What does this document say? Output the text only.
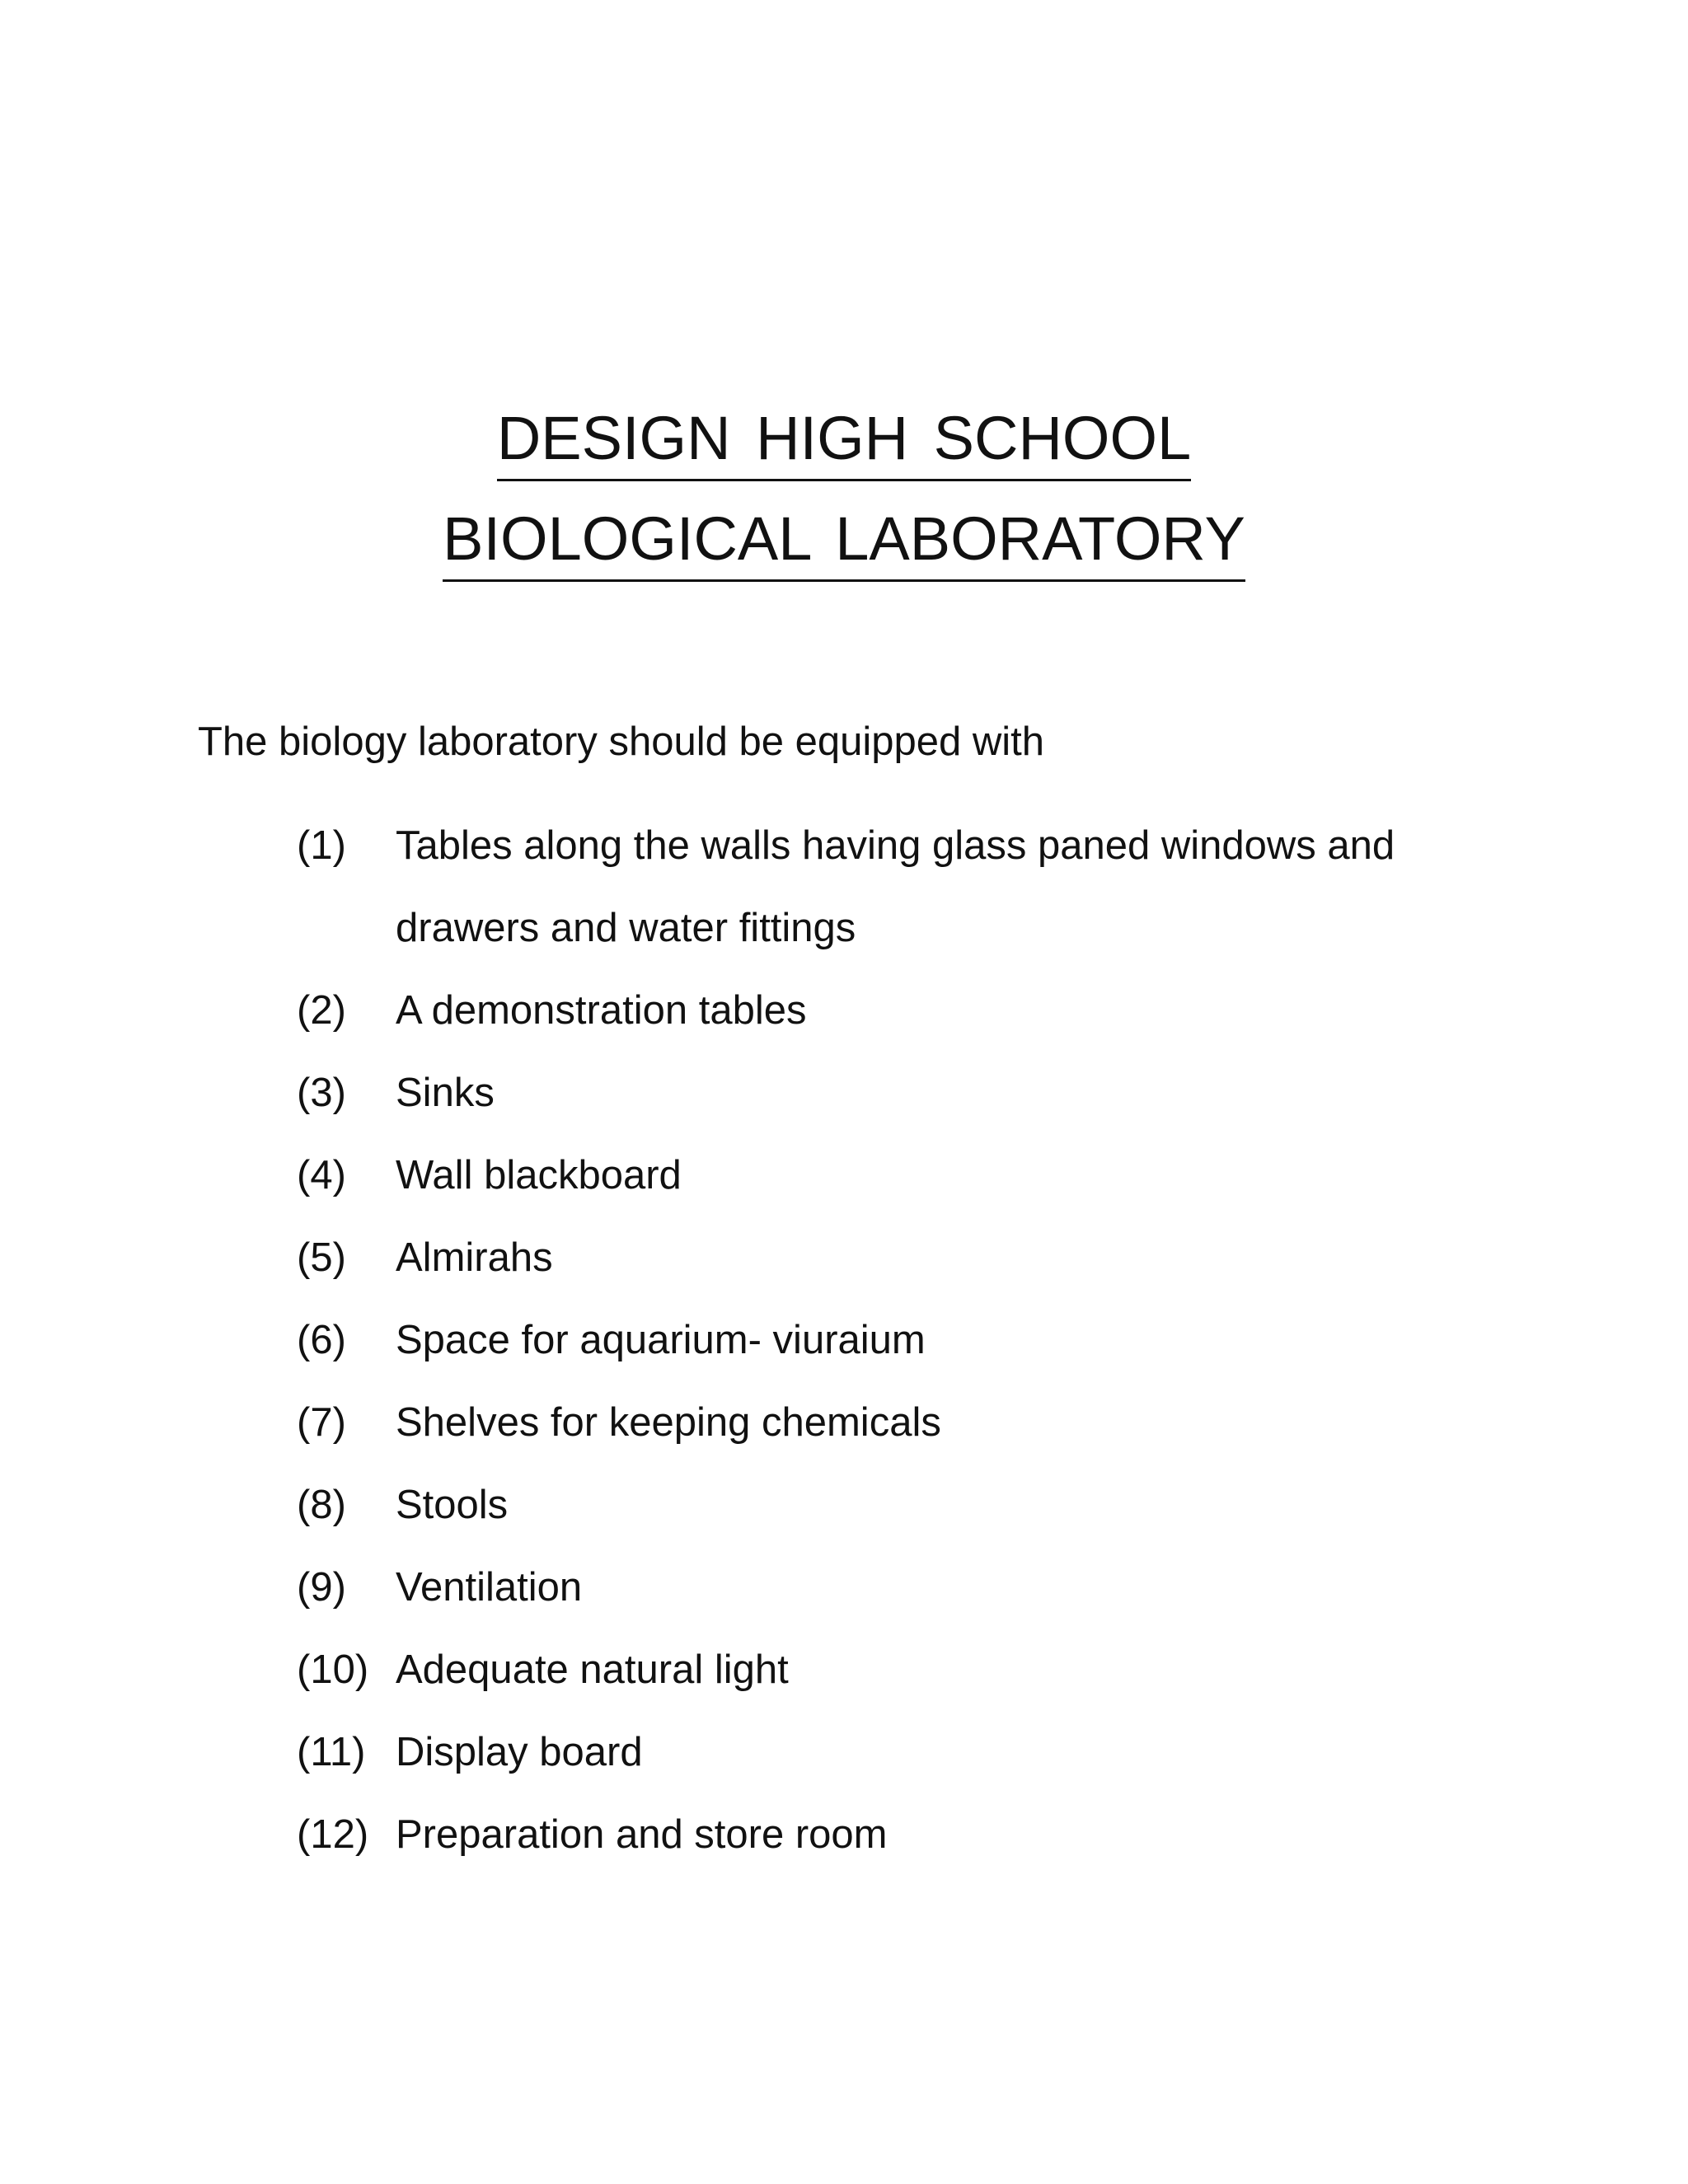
DESIGN HIGH SCHOOL
BIOLOGICAL LABORATORY
The biology laboratory should be equipped with
(1) Tables along the walls having glass paned windows and drawers and water fittings
(2) A demonstration tables
(3) Sinks
(4) Wall blackboard
(5) Almirahs
(6) Space for aquarium- viuraium
(7) Shelves for keeping chemicals
(8) Stools
(9) Ventilation
(10) Adequate natural light
(11) Display board
(12) Preparation and store room
